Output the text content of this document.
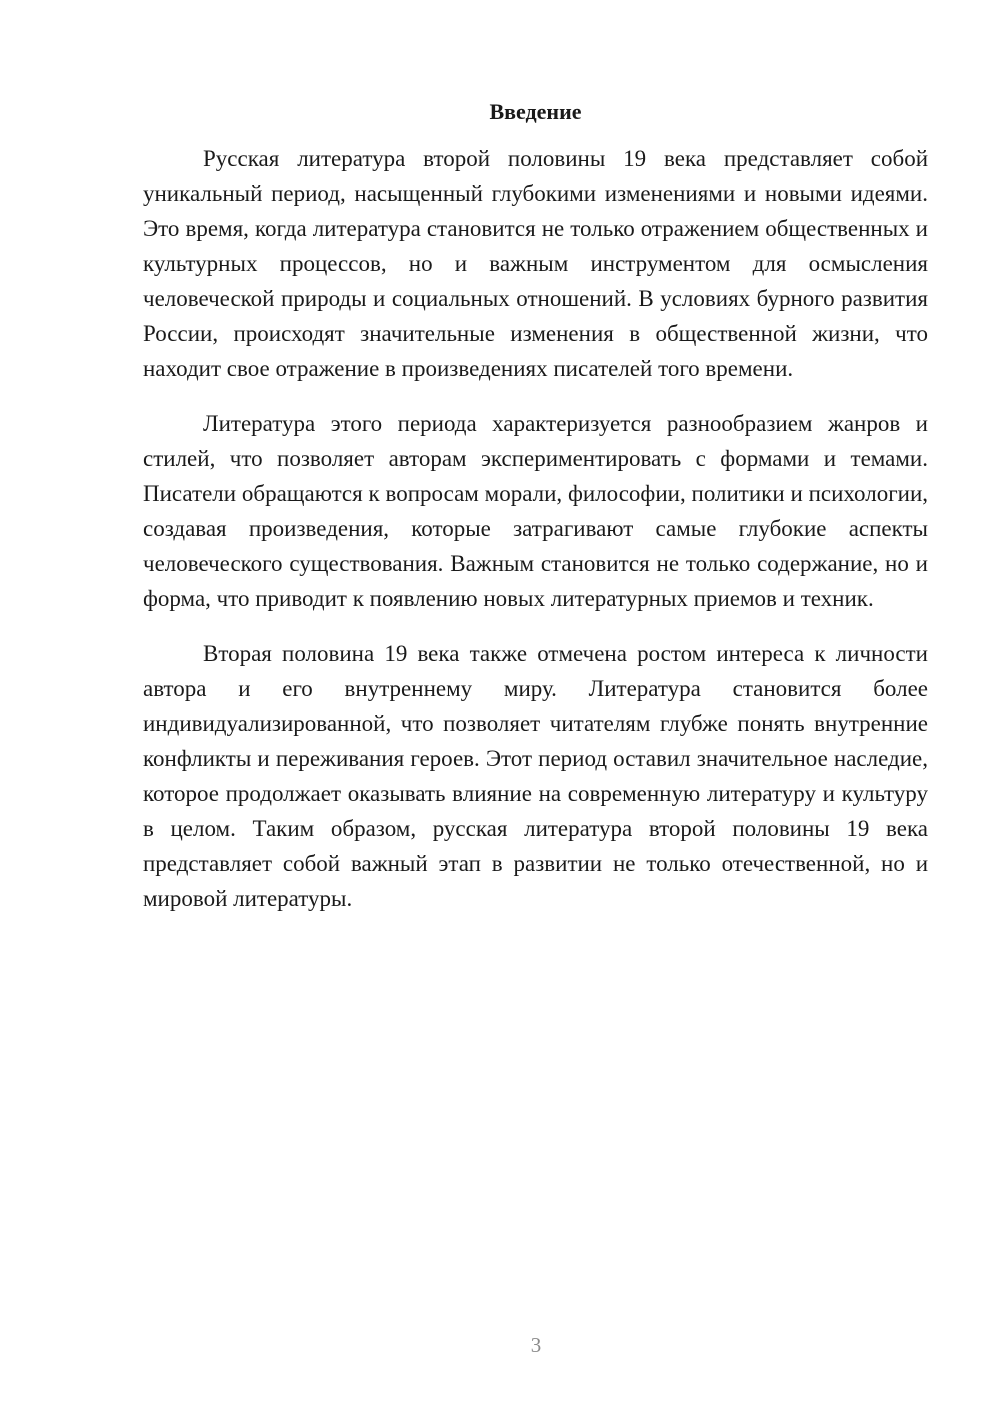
Введение

Русская литература второй половины 19 века представляет собой уникальный период, насыщенный глубокими изменениями и новыми идеями. Это время, когда литература становится не только отражением общественных и культурных процессов, но и важным инструментом для осмысления человеческой природы и социальных отношений. В условиях бурного развития России, происходят значительные изменения в общественной жизни, что находит свое отражение в произведениях писателей того времени.

Литература этого периода характеризуется разнообразием жанров и стилей, что позволяет авторам экспериментировать с формами и темами. Писатели обращаются к вопросам морали, философии, политики и психологии, создавая произведения, которые затрагивают самые глубокие аспекты человеческого существования. Важным становится не только содержание, но и форма, что приводит к появлению новых литературных приемов и техник.

Вторая половина 19 века также отмечена ростом интереса к личности автора и его внутреннему миру. Литература становится более индивидуализированной, что позволяет читателям глубже понять внутренние конфликты и переживания героев. Этот период оставил значительное наследие, которое продолжает оказывать влияние на современную литературу и культуру в целом. Таким образом, русская литература второй половины 19 века представляет собой важный этап в развитии не только отечественной, но и мировой литературы.

3
